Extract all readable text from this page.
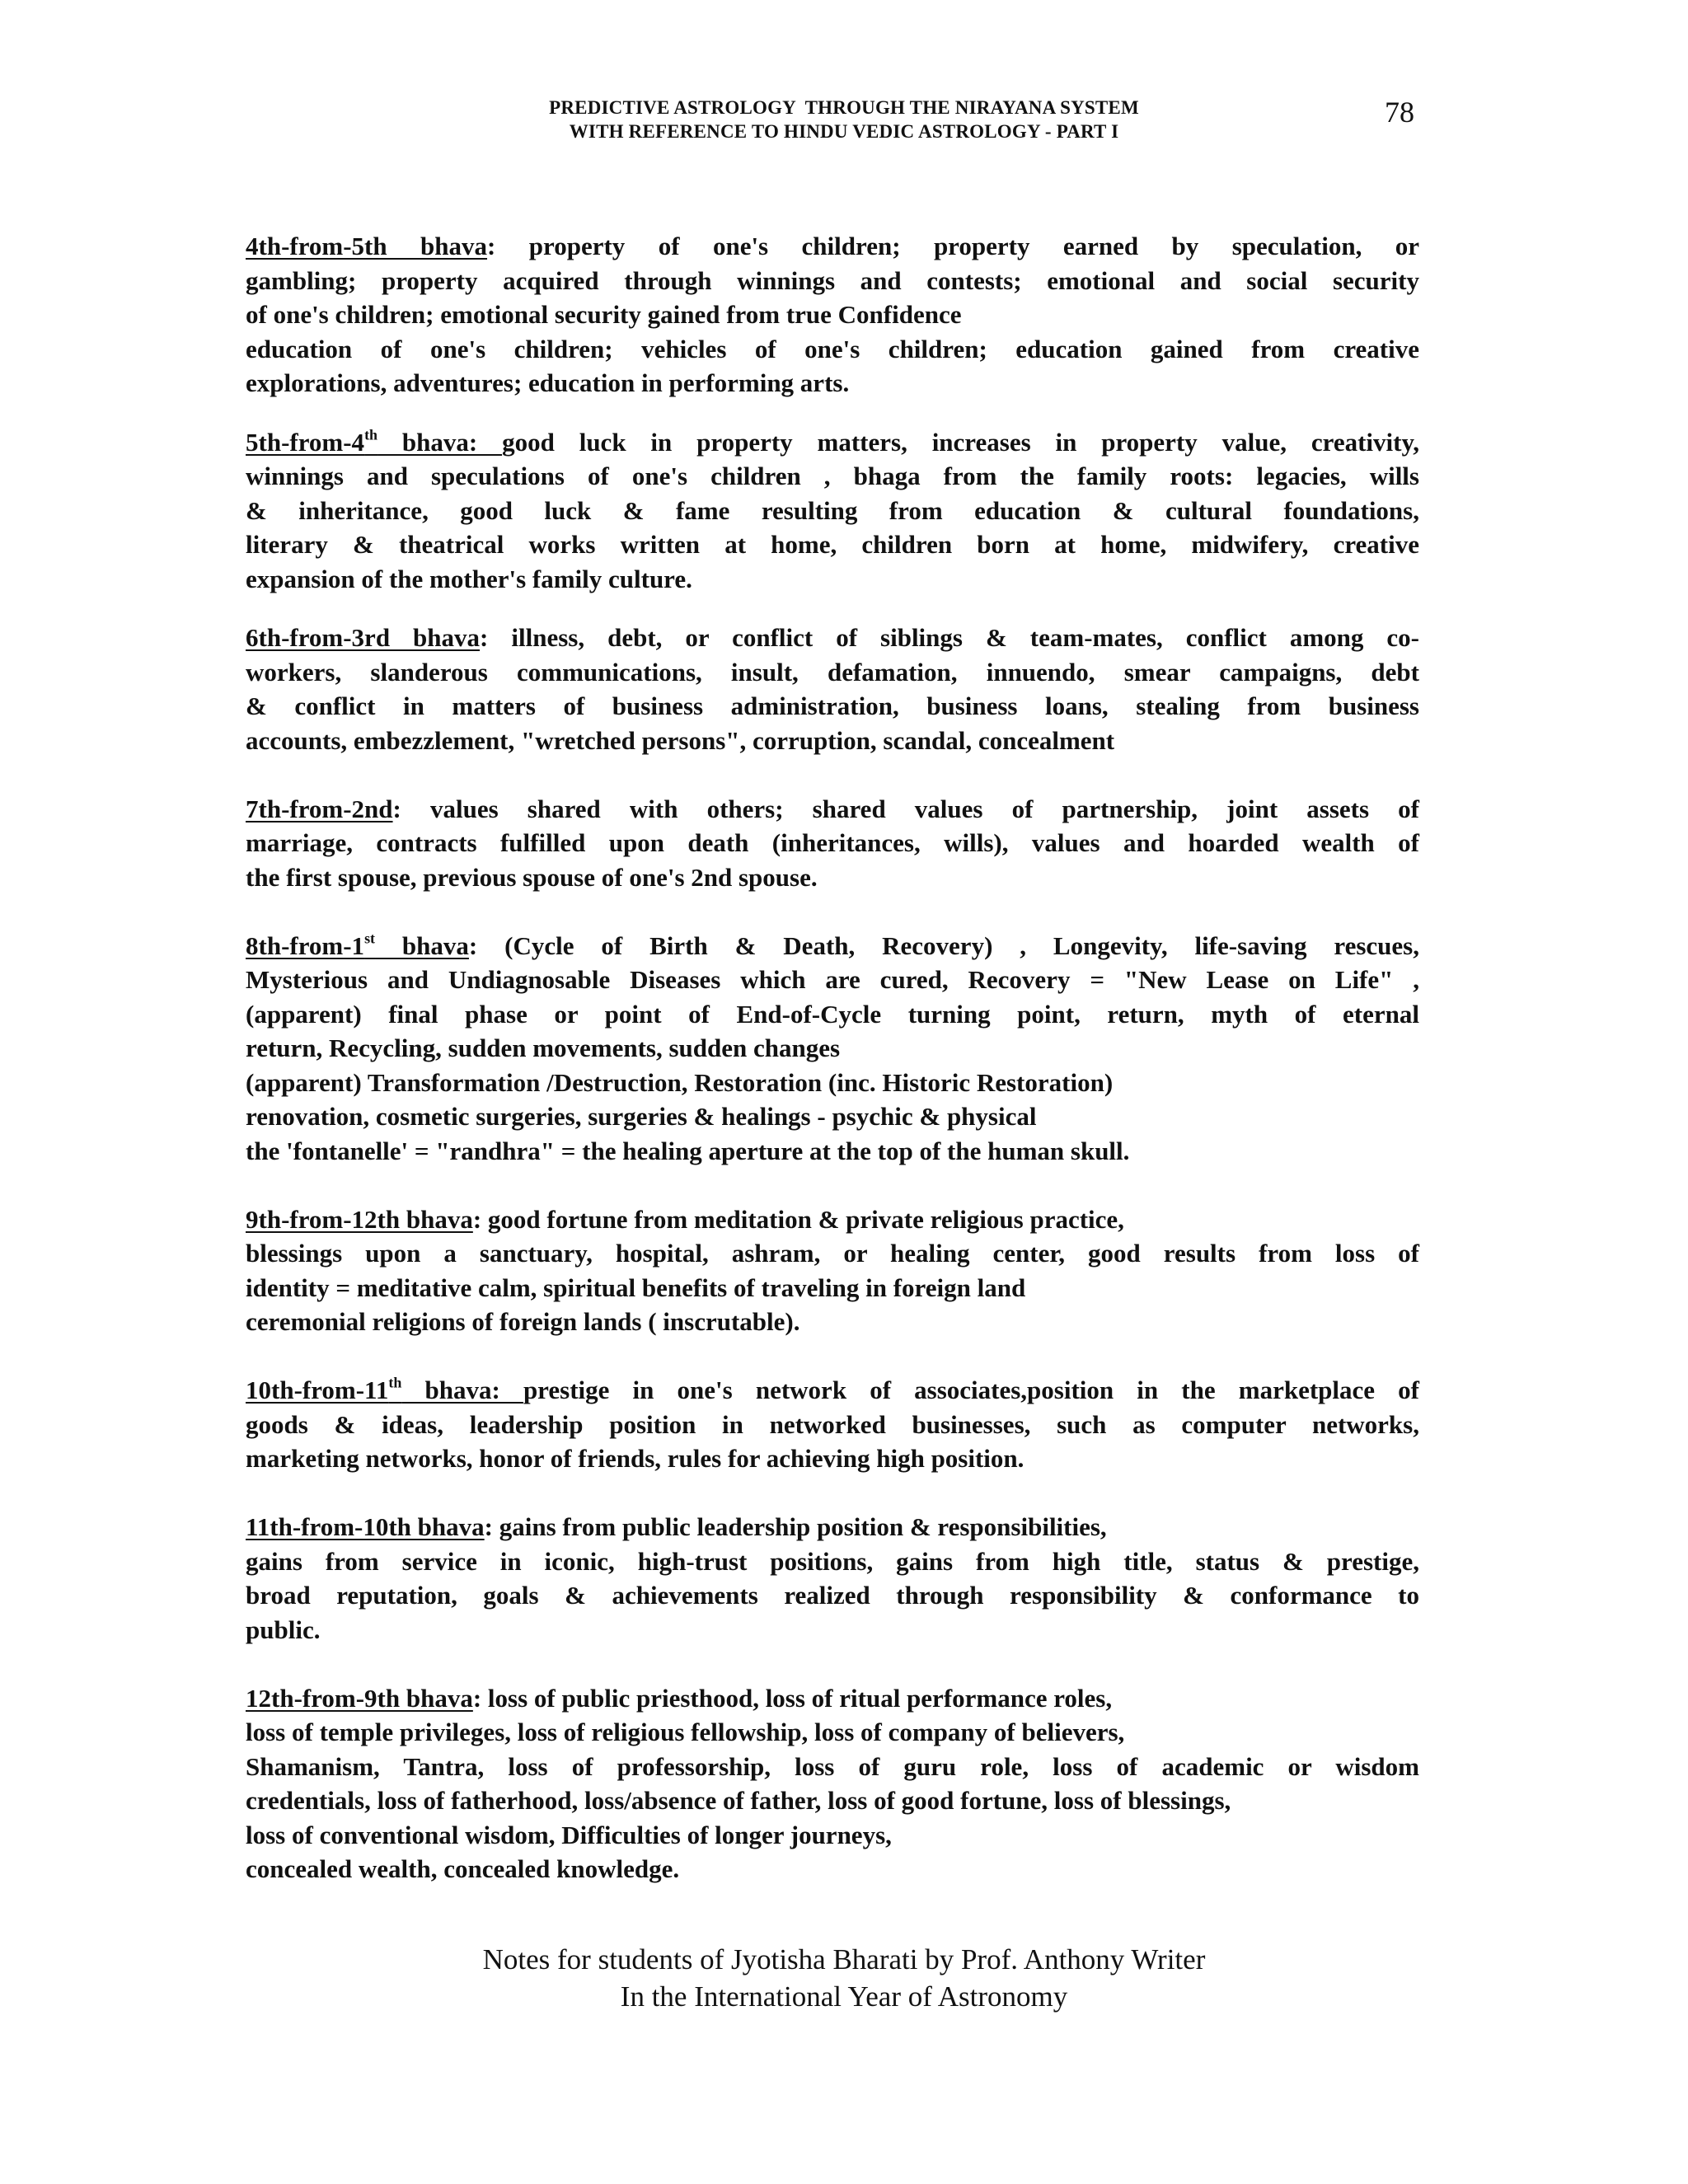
PREDICTIVE ASTROLOGY  THROUGH THE NIRAYANA SYSTEM
WITH REFERENCE TO HINDU VEDIC ASTROLOGY - PART I
78
4th-from-5th bhava: property of one's children; property earned by speculation, or
gambling; property acquired through winnings and contests; emotional and social security
of one's children; emotional security gained from true Confidence
education of one's children; vehicles of one's children; education gained from creative
explorations, adventures; education in performing arts.
5th-from-4th bhava: good luck in property matters, increases in property value, creativity,
winnings and speculations of one's children , bhaga from the family roots: legacies, wills
& inheritance, good luck & fame resulting from education & cultural foundations,
literary & theatrical works written at home, children born at home, midwifery, creative
expansion of the mother's family culture.
6th-from-3rd bhava: illness, debt, or conflict of siblings & team-mates, conflict among co-
workers, slanderous communications, insult, defamation, innuendo, smear campaigns, debt
& conflict in matters of business administration, business loans, stealing from business
accounts, embezzlement, "wretched persons", corruption, scandal, concealment
7th-from-2nd: values shared with others; shared values of partnership, joint assets of
marriage, contracts fulfilled upon death (inheritances, wills), values and hoarded wealth of
the first spouse, previous spouse of one's 2nd spouse.
8th-from-1st bhava: (Cycle of Birth & Death, Recovery) , Longevity, life-saving rescues,
Mysterious and Undiagnosable Diseases which are cured, Recovery = "New Lease on Life" ,
(apparent) final phase or point of End-of-Cycle turning point, return, myth of eternal
return, Recycling, sudden movements, sudden changes
(apparent) Transformation /Destruction, Restoration (inc. Historic Restoration)
renovation, cosmetic surgeries, surgeries & healings - psychic & physical
the 'fontanelle' = "randhra" = the healing aperture at the top of the human skull.
9th-from-12th bhava: good fortune from meditation & private religious practice,
blessings upon a sanctuary, hospital, ashram, or healing center, good results from loss of
identity = meditative calm, spiritual benefits of traveling in foreign land
ceremonial religions of foreign lands ( inscrutable).
10th-from-11th bhava: prestige in one's network of associates,position in the marketplace of
goods & ideas, leadership position in networked businesses, such as computer networks,
marketing networks, honor of friends, rules for achieving high position.
11th-from-10th bhava: gains from public leadership position & responsibilities,
gains from service in iconic, high-trust positions, gains from high title, status & prestige,
broad reputation, goals & achievements realized through responsibility & conformance to
public.
12th-from-9th bhava: loss of public priesthood, loss of ritual performance roles,
loss of temple privileges, loss of religious fellowship, loss of company of believers,
Shamanism, Tantra, loss of professorship, loss of guru role, loss of academic or wisdom
credentials, loss of fatherhood, loss/absence of father, loss of good fortune, loss of blessings,
loss of conventional wisdom, Difficulties of longer journeys,
concealed wealth, concealed knowledge.
Notes for students of Jyotisha Bharati by Prof. Anthony Writer
In the International Year of Astronomy
